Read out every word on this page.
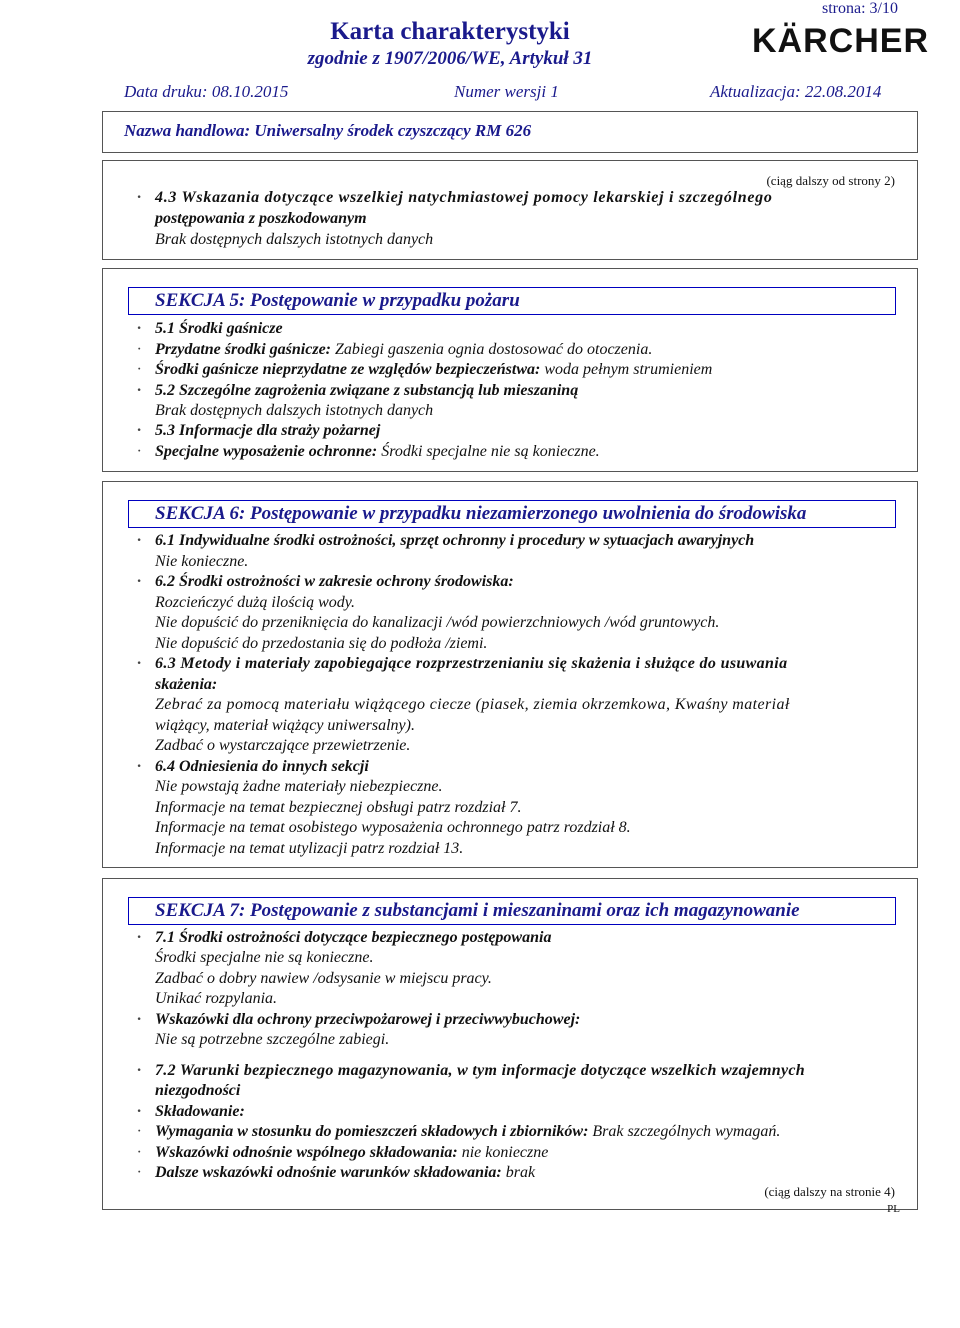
strona: 3/10
Karta charakterystyki
zgodnie z 1907/2006/WE, Artykuł 31	KÄRCHER
Data druku: 08.10.2015	Numer wersji 1	Aktualizacja: 22.08.2014
Nazwa handlowa: Uniwersalny środek czyszczący RM 626
(ciąg dalszy od strony 2)
· 4.3 Wskazania dotyczące wszelkiej natychmiastowej pomocy lekarskiej i szczególnego
postępowania z poszkodowanym
Brak dostępnych dalszych istotnych danych
SEKCJA 5: Postępowanie w przypadku pożaru
· 5.1 Środki gaśnicze
· Przydatne środki gaśnicze: Zabiegi gaszenia ognia dostosować do otoczenia.
· Środki gaśnicze nieprzydatne ze względów bezpieczeństwa: woda pełnym strumieniem
· 5.2 Szczególne zagrożenia związane z substancją lub mieszaniną
Brak dostępnych dalszych istotnych danych
· 5.3 Informacje dla straży pożarnej
· Specjalne wyposażenie ochronne: Środki specjalne nie są konieczne.
SEKCJA 6: Postępowanie w przypadku niezamierzonego uwolnienia do środowiska
· 6.1 Indywidualne środki ostrożności, sprzęt ochronny i procedury w sytuacjach awaryjnych
Nie konieczne.
· 6.2 Środki ostrożności w zakresie ochrony środowiska:
Rozcieńczyć dużą ilością wody.
Nie dopuścić do przeniknięcia do kanalizacji /wód powierzchniowych /wód gruntowych.
Nie dopuścić do przedostania się do podłoża /ziemi.
· 6.3 Metody i materiały zapobiegające rozprzestrzenianiu się skażenia i służące do usuwania
skażenia:
Zebrać za pomocą materiału wiążącego ciecze (piasek, ziemia okrzemkowa, Kwaśny materiał
wiążący, materiał wiążący uniwersalny).
Zadbać o wystarczające przewietrzenie.
· 6.4 Odniesienia do innych sekcji
Nie powstają żadne materiały niebezpieczne.
Informacje na temat bezpiecznej obsługi patrz rozdział 7.
Informacje na temat osobistego wyposażenia ochronnego patrz rozdział 8.
Informacje na temat utylizacji patrz rozdział 13.
SEKCJA 7: Postępowanie z substancjami i mieszaninami oraz ich magazynowanie
· 7.1 Środki ostrożności dotyczące bezpiecznego postępowania
Środki specjalne nie są konieczne.
Zadbać o dobry nawiew /odsysanie w miejscu pracy.
Unikać rozpylania.
· Wskazówki dla ochrony przeciwpożarowej i przeciwwybuchowej:
Nie są potrzebne szczególne zabiegi.
· 7.2 Warunki bezpiecznego magazynowania, w tym informacje dotyczące wszelkich wzajemnych
niezgodności
· Składowanie:
· Wymagania w stosunku do pomieszczeń składowych i zbiorników: Brak szczególnych wymagań.
· Wskazówki odnośnie wspólnego składowania: nie konieczne
· Dalsze wskazówki odnośnie warunków składowania: brak
(ciąg dalszy na stronie 4)
PL
